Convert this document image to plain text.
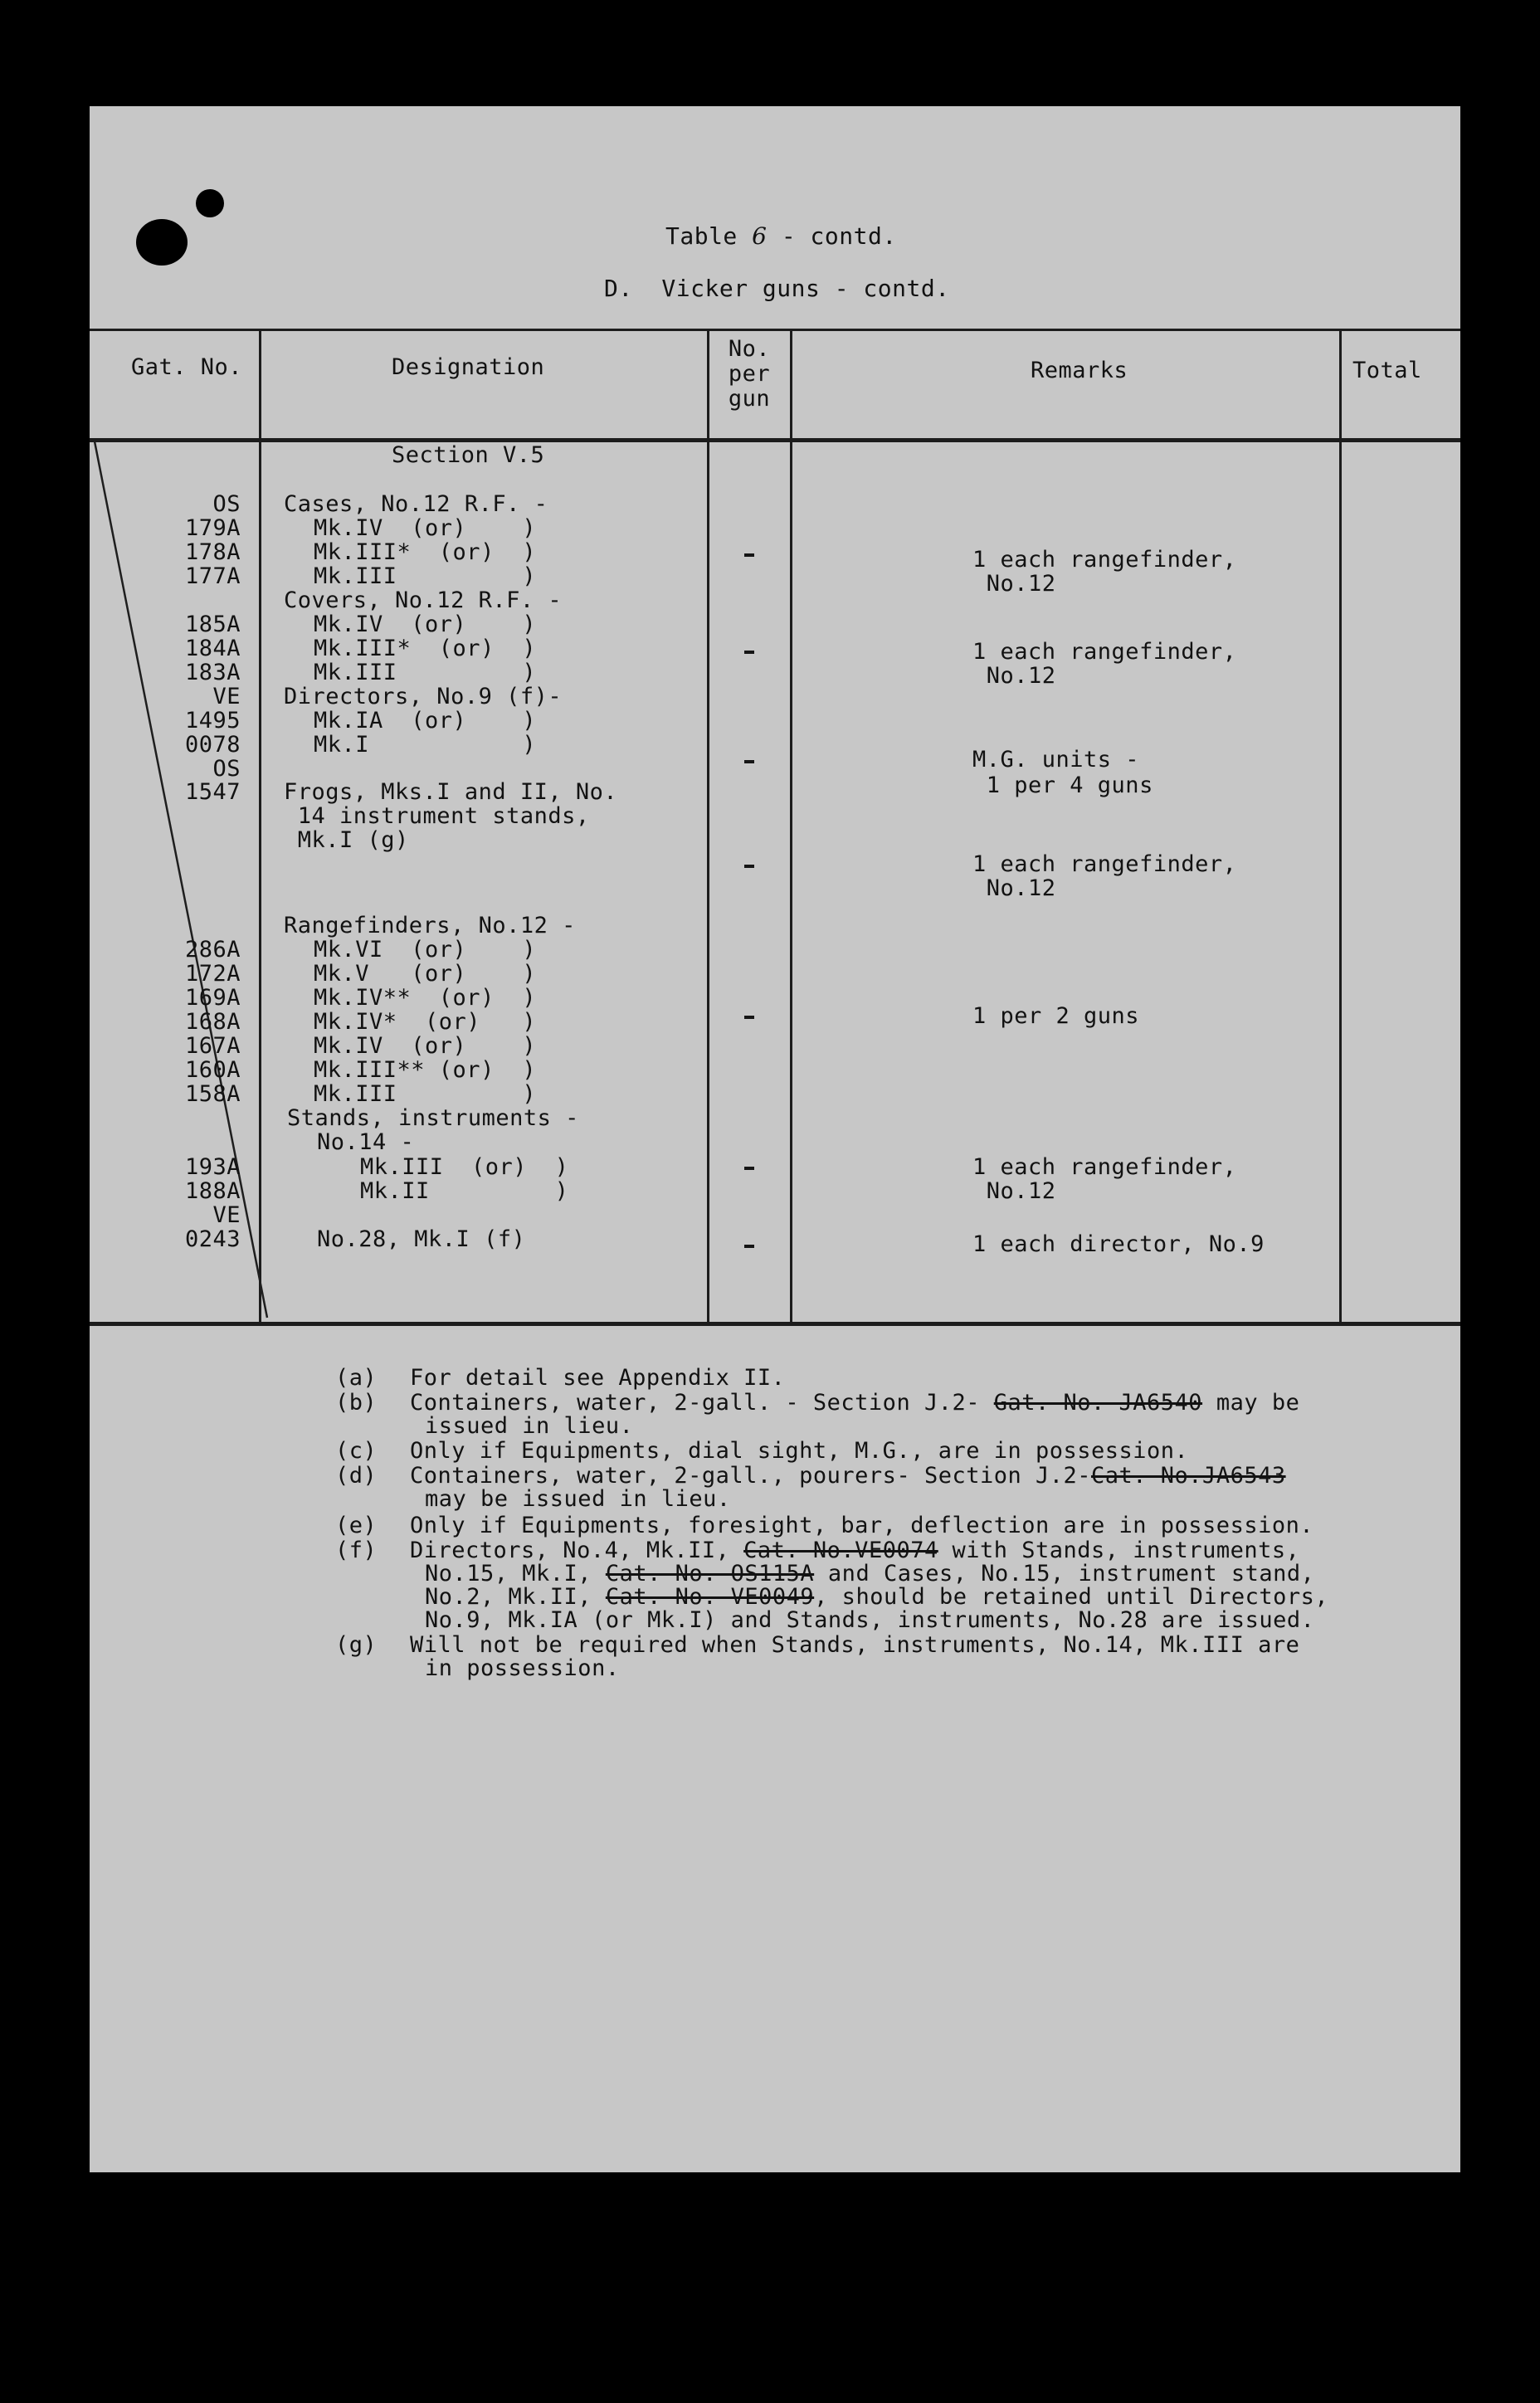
Table 6 - contd.
D.  Vicker guns - contd.
Gat. No.	Designation
No.
per
gun
Remarks	Total
Section V.5
OS
179A
178A
177A
185A
184A
183A
VE
1495
0078
OS
1547
286A
172A
169A
168A
167A
160A
158A
193A
188A
VE
0243
Cases, No.12 R.F. -
Mk.IV  (or)    )
Mk.III*  (or)  )
Mk.III         )
Covers, No.12 R.F. -
Mk.IV  (or)    )
Mk.III*  (or)  )
Mk.III         )
Directors, No.9 (f)-
Mk.IA  (or)    )
Mk.I           )
Frogs, Mks.I and II, No.
14 instrument stands,
Mk.I (g)
Rangefinders, No.12 -
Mk.VI  (or)    )
Mk.V   (or)    )
Mk.IV**  (or)  )
Mk.IV*  (or)   )
Mk.IV  (or)    )
Mk.III** (or)  )
Mk.III         )
Stands, instruments -
No.14 -
Mk.III  (or)  )
Mk.II         )
No.28, Mk.I (f)
1 each rangefinder,
No.12
1 each rangefinder,
No.12
M.G. units -
1 per 4 guns
1 each rangefinder,
No.12
1 per 2 guns
1 each rangefinder,
No.12
1 each director, No.9
(a) For detail see Appendix II.
(b) Containers, water, 2-gall. - Section J.2- Gat. No. JA6540 may be
issued in lieu.
(c) Only if Equipments, dial sight, M.G., are in possession.
(d) Containers, water, 2-gall., pourers- Section J.2-Cat. No.JA6543
may be issued in lieu.
(e) Only if Equipments, foresight, bar, deflection are in possession.
(f) Directors, No.4, Mk.II, Cat. No.VE0074 with Stands, instruments,
No.15, Mk.I, Cat. No. OS115A and Cases, No.15, instrument stand,
No.2, Mk.II, Cat. No. VE0049, should be retained until Directors,
No.9, Mk.IA (or Mk.I) and Stands, instruments, No.28 are issued.
(g) Will not be required when Stands, instruments, No.14, Mk.III are
in possession.
